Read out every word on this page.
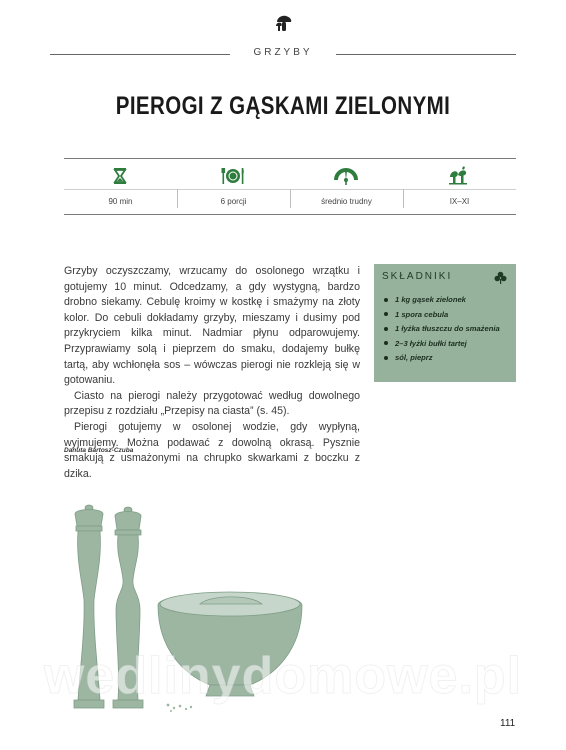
GRZYBY
PIEROGI Z GĄSKAMI ZIELONYMI
90 min	6 porcji	średnio trudny	IX–XI

Grzyby oczyszczamy, wrzucamy do osolonego wrzątku i gotujemy 10 minut. Odcedzamy, a gdy wystygną, bardzo drobno siekamy. Cebulę kroimy w kostkę i smażymy na złoty kolor. Do cebuli dokładamy grzyby, mieszamy i dusimy pod przykryciem kilka minut. Nadmiar płynu odparowujemy. Przyprawiamy solą i pieprzem do smaku, dodajemy bułkę tartą, aby wchłonęła sos – wówczas pierogi nie rozkleją się w gotowaniu.

Ciasto na pierogi należy przygotować według dowolnego przepisu z rozdziału „Przepisy na ciasta” (s. 45).

Pierogi gotujemy w osolonej wodzie, gdy wypłyną, wyjmujemy. Można podawać z dowolną okrasą. Pysznie smakują z usmażonymi na chrupko skwarkami z boczku z dzika.

Danuta Bartosz-Czuba
SKŁADNIKI
1 kg gąsek zielonek
1 spora cebula
1 łyżka tłuszczu do smażenia
2–3 łyżki bułki tartej
sól, pieprz
wedlinydomowe.pl
111
